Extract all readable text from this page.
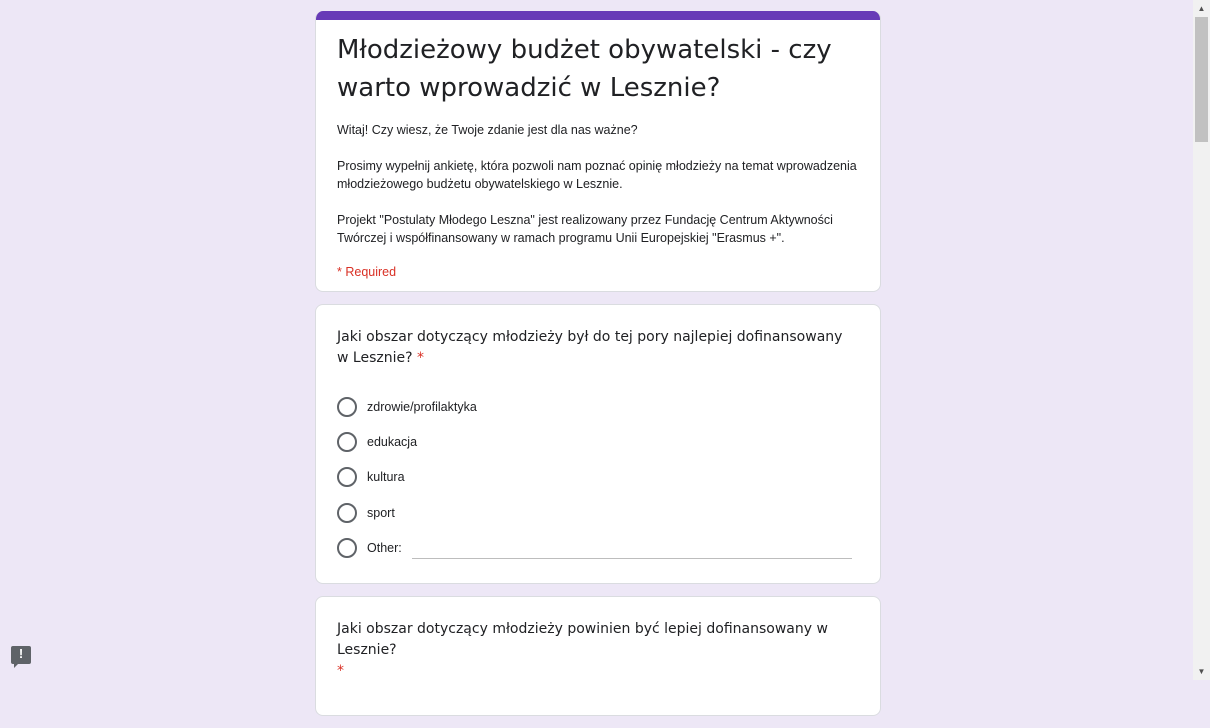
Młodzieżowy budżet obywatelski - czy warto wprowadzić w Lesznie?

Witaj! Czy wiesz, że Twoje zdanie jest dla nas ważne?

Prosimy wypełnij ankietę, która pozwoli nam poznać opinię młodzieży na temat wprowadzenia młodzieżowego budżetu obywatelskiego w Lesznie.

Projekt "Postulaty Młodego Leszna" jest realizowany przez Fundację Centrum Aktywności Twórczej i współfinansowany w ramach programu Unii Europejskiej "Erasmus +".

* Required

Jaki obszar dotyczący młodzieży był do tej pory najlepiej dofinansowany w Lesznie? *

zdrowie/profilaktyka
edukacja
kultura
sport
Other:

Jaki obszar dotyczący młodzieży powinien być lepiej dofinansowany w Lesznie?
*

!
▲
▼
